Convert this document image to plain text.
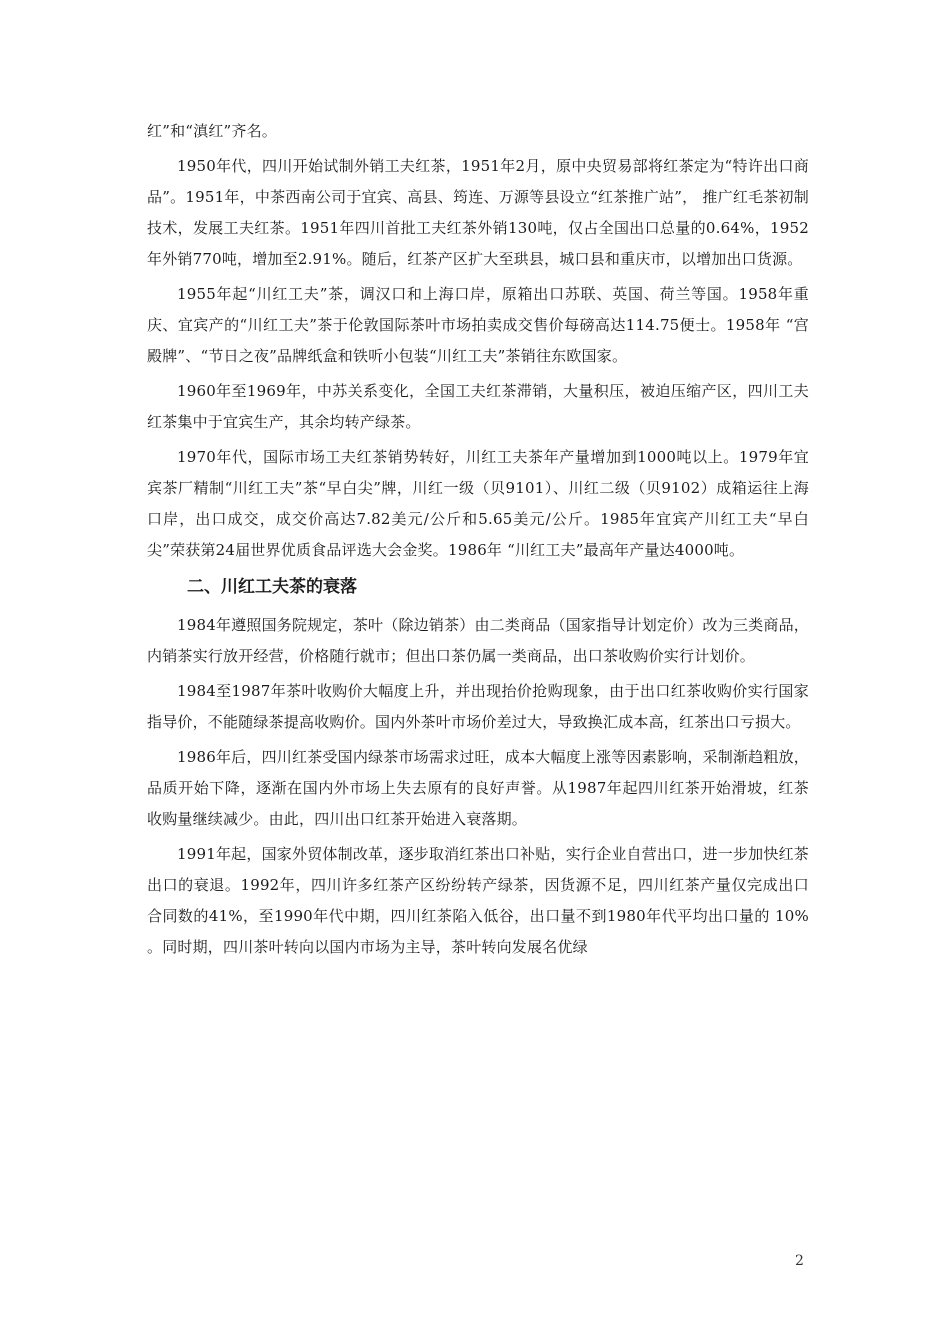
红”和“滇红”齐名。

1950年代，四川开始试制外销工夫红茶，1951年2月，原中央贸易部将红茶定为“特许出口商品”。1951年，中茶西南公司于宜宾、高县、筠连、万源等县设立“红茶推广站”， 推广红毛茶初制技术，发展工夫红茶。1951年四川首批工夫红茶外销130吨，仅占全国出口总量的0.64%，1952年外销770吨，增加至2.91%。随后，红茶产区扩大至珙县，城口县和重庆市，以增加出口货源。

1955年起“川红工夫”茶，调汉口和上海口岸，原箱出口苏联、英国、荷兰等国。1958年重庆、宜宾产的“川红工夫”茶于伦敦国际茶叶市场拍卖成交售价每磅高达114.75便士。1958年 “宫殿牌”、“节日之夜”品牌纸盒和铁听小包装“川红工夫”茶销往东欧国家。

1960年至1969年，中苏关系变化，全国工夫红茶滞销，大量积压，被迫压缩产区，四川工夫红茶集中于宜宾生产，其余均转产绿茶。

1970年代，国际市场工夫红茶销势转好，川红工夫茶年产量增加到1000吨以上。1979年宜宾茶厂精制“川红工夫”茶“早白尖”牌，川红一级（贝9101）、川红二级（贝9102）成箱运往上海口岸，出口成交，成交价高达7.82美元/公斤和5.65美元/公斤。1985年宜宾产川红工夫“早白尖”荣获第24届世界优质食品评选大会金奖。1986年 “川红工夫”最高年产量达4000吨。

二、川红工夫茶的衰落

1984年遵照国务院规定，茶叶（除边销茶）由二类商品（国家指导计划定价）改为三类商品，内销茶实行放开经营，价格随行就市；但出口茶仍属一类商品，出口茶收购价实行计划价。

1984至1987年茶叶收购价大幅度上升，并出现抬价抢购现象，由于出口红茶收购价实行国家指导价，不能随绿茶提高收购价。国内外茶叶市场价差过大，导致换汇成本高，红茶出口亏损大。

1986年后，四川红茶受国内绿茶市场需求过旺，成本大幅度上涨等因素影响，采制渐趋粗放，品质开始下降，逐渐在国内外市场上失去原有的良好声誉。从1987年起四川红茶开始滑坡，红茶收购量继续减少。由此，四川出口红茶开始进入衰落期。

1991年起，国家外贸体制改革，逐步取消红茶出口补贴，实行企业自营出口，进一步加快红茶出口的衰退。1992年，四川许多红茶产区纷纷转产绿茶，因货源不足，四川红茶产量仅完成出口合同数的41%，至1990年代中期，四川红茶陷入低谷，出口量不到1980年代平均出口量的 10% 。同时期，四川茶叶转向以国内市场为主导，茶叶转向发展名优绿

2
